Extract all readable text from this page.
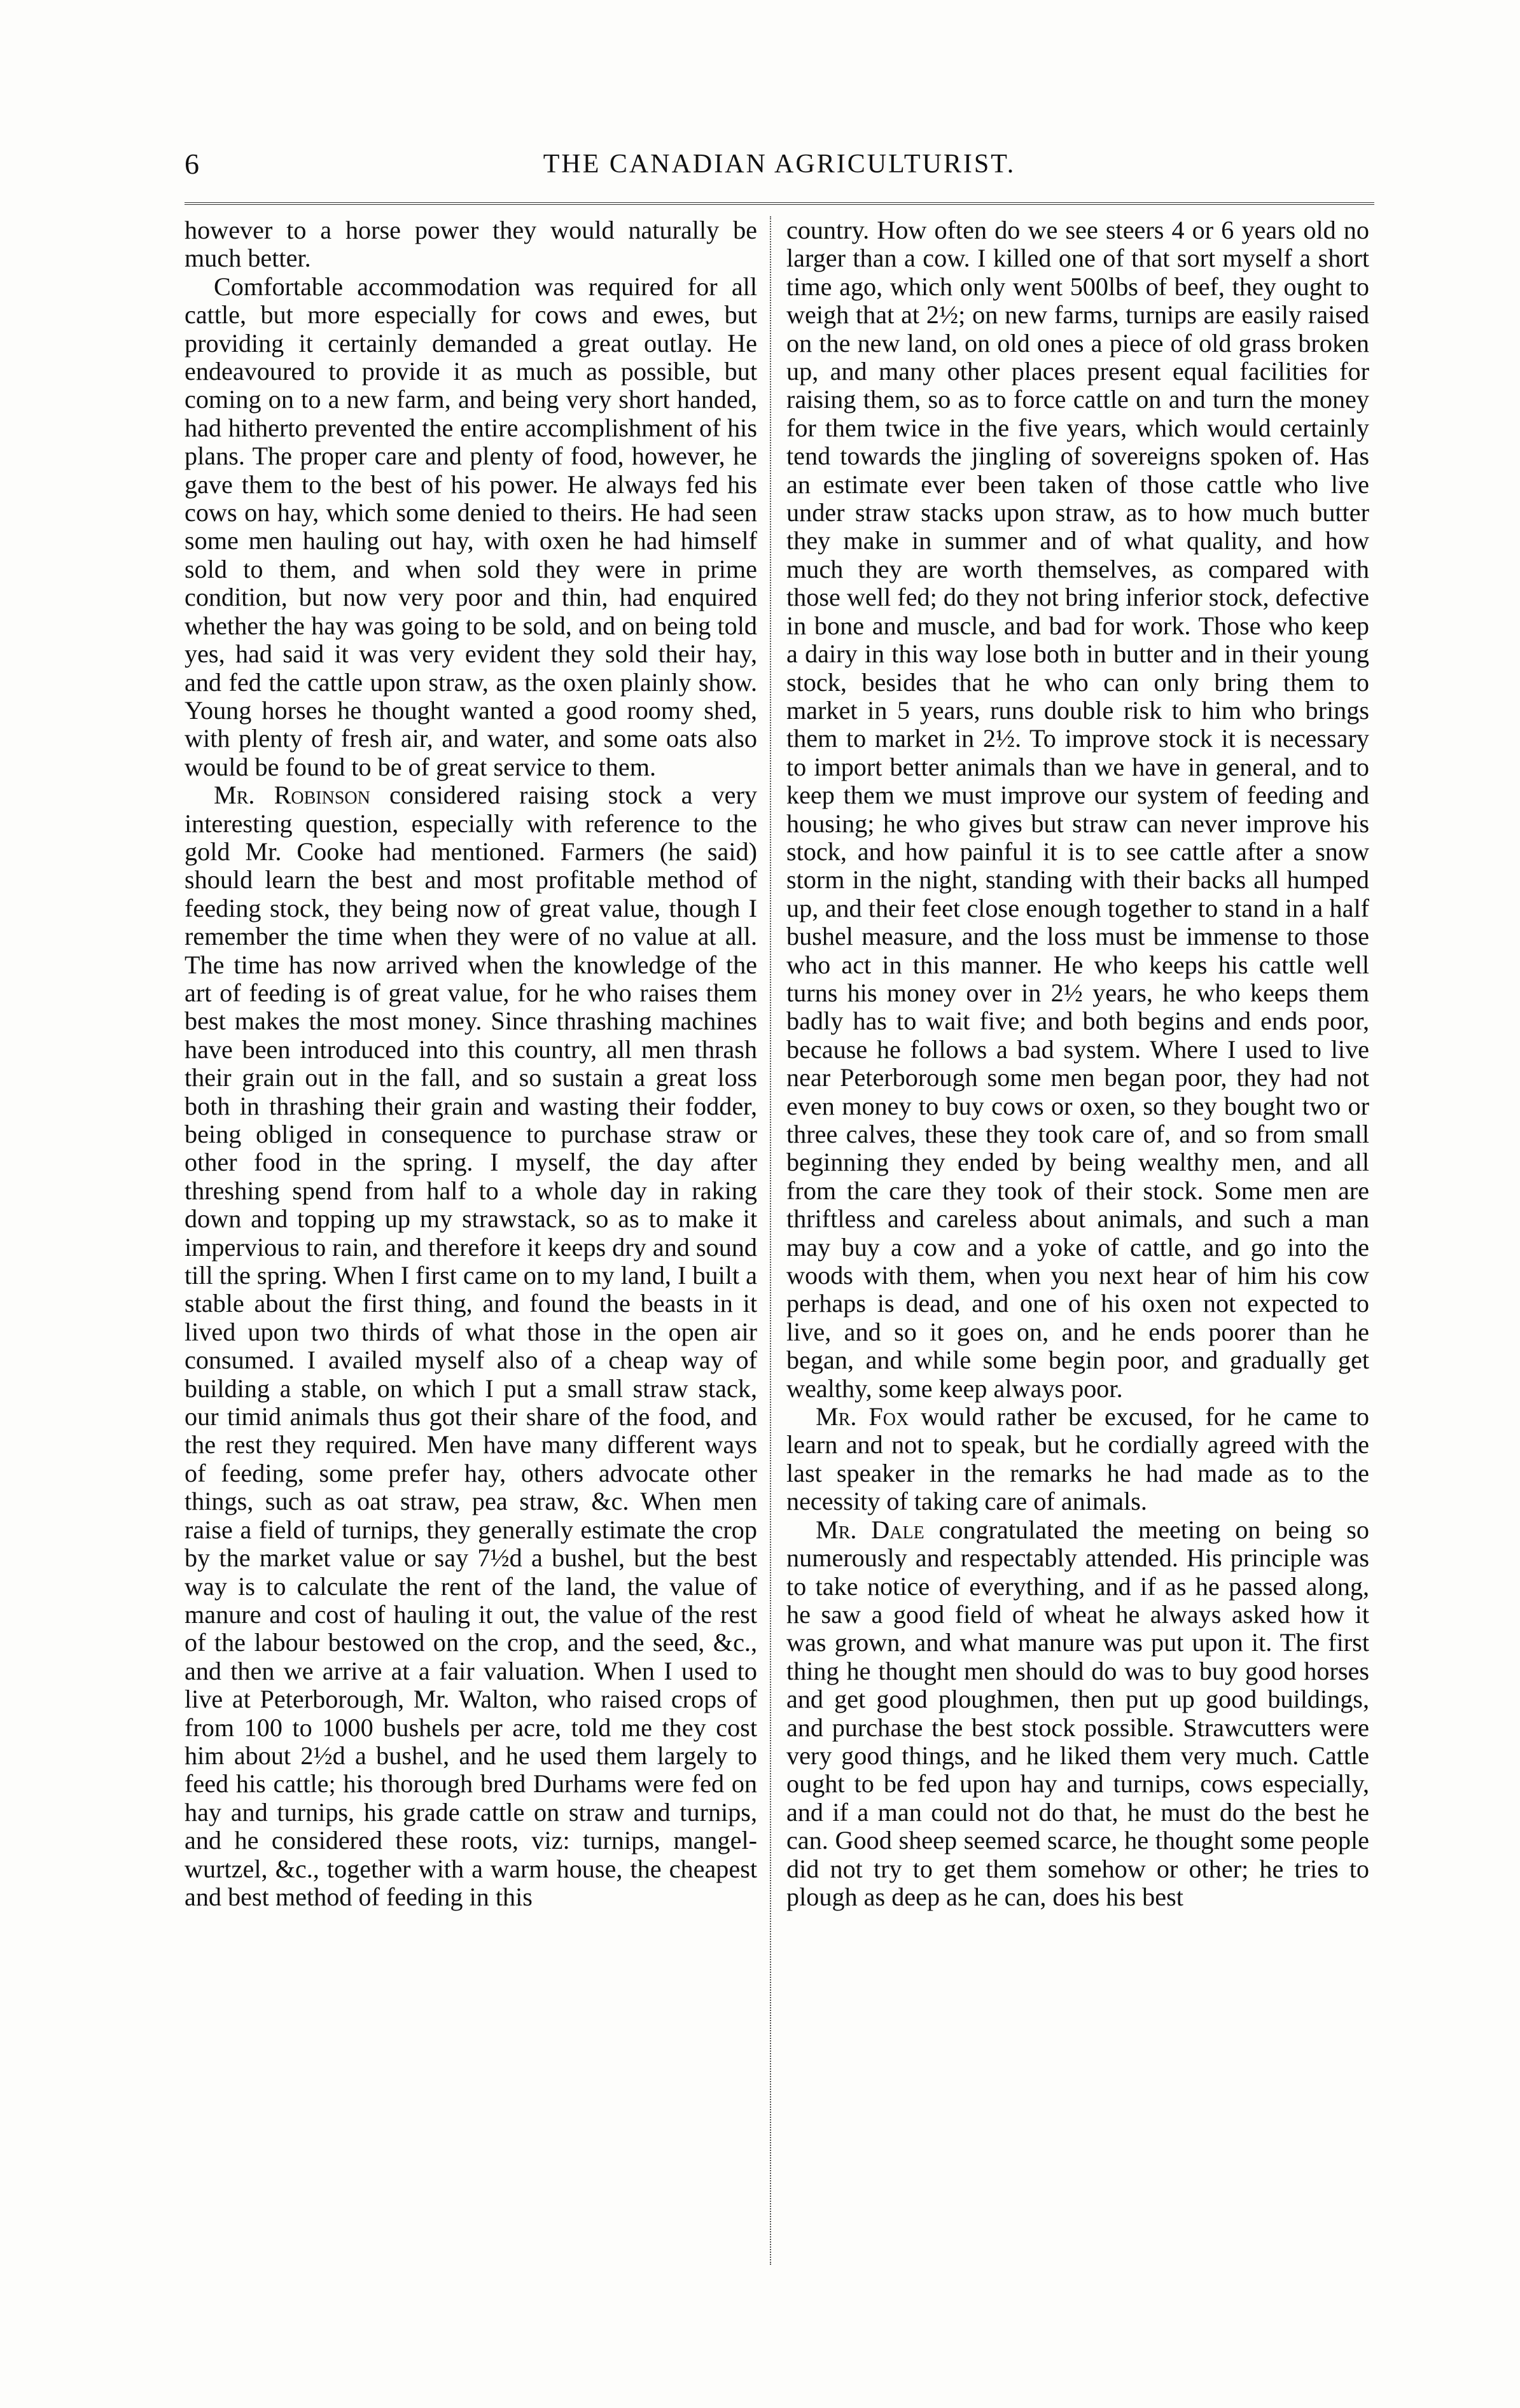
6	THE CANADIAN AGRICULTURIST.

however to a horse power they would naturally be much better.

Comfortable accommodation was required for all cattle, but more especially for cows and ewes, but providing it certainly demanded a great outlay. He endeavoured to provide it as much as possible, but coming on to a new farm, and being very short handed, had hitherto prevented the entire accomplishment of his plans. The proper care and plenty of food, however, he gave them to the best of his power. He always fed his cows on hay, which some denied to theirs. He had seen some men hauling out hay, with oxen he had himself sold to them, and when sold they were in prime condition, but now very poor and thin, had enquired whether the hay was going to be sold, and on being told yes, had said it was very evident they sold their hay, and fed the cattle upon straw, as the oxen plainly show. Young horses he thought wanted a good roomy shed, with plenty of fresh air, and water, and some oats also would be found to be of great service to them.

Mr. Robinson considered raising stock a very interesting question, especially with reference to the gold Mr. Cooke had mentioned. Farmers (he said) should learn the best and most profitable method of feeding stock, they being now of great value, though I remember the time when they were of no value at all. The time has now arrived when the knowledge of the art of feeding is of great value, for he who raises them best makes the most money. Since thrashing machines have been introduced into this country, all men thrash their grain out in the fall, and so sustain a great loss both in thrashing their grain and wasting their fodder, being obliged in consequence to purchase straw or other food in the spring. I myself, the day after threshing spend from half to a whole day in raking down and topping up my strawstack, so as to make it impervious to rain, and therefore it keeps dry and sound till the spring. When I first came on to my land, I built a stable about the first thing, and found the beasts in it lived upon two thirds of what those in the open air consumed. I availed myself also of a cheap way of building a stable, on which I put a small straw stack, our timid animals thus got their share of the food, and the rest they required. Men have many different ways of feeding, some prefer hay, others advocate other things, such as oat straw, pea straw, &c. When men raise a field of turnips, they generally estimate the crop by the market value or say 7½d a bushel, but the best way is to calculate the rent of the land, the value of manure and cost of hauling it out, the value of the rest of the labour bestowed on the crop, and the seed, &c., and then we arrive at a fair valuation. When I used to live at Peterborough, Mr. Walton, who raised crops of from 100 to 1000 bushels per acre, told me they cost him about 2½d a bushel, and he used them largely to feed his cattle; his thorough bred Durhams were fed on hay and turnips, his grade cattle on straw and turnips, and he considered these roots, viz: turnips, mangel-wurtzel, &c., together with a warm house, the cheapest and best method of feeding in this

country. How often do we see steers 4 or 6 years old no larger than a cow. I killed one of that sort myself a short time ago, which only went 500lbs of beef, they ought to weigh that at 2½; on new farms, turnips are easily raised on the new land, on old ones a piece of old grass broken up, and many other places present equal facilities for raising them, so as to force cattle on and turn the money for them twice in the five years, which would certainly tend towards the jingling of sovereigns spoken of. Has an estimate ever been taken of those cattle who live under straw stacks upon straw, as to how much butter they make in summer and of what quality, and how much they are worth themselves, as compared with those well fed; do they not bring inferior stock, defective in bone and muscle, and bad for work. Those who keep a dairy in this way lose both in butter and in their young stock, besides that he who can only bring them to market in 5 years, runs double risk to him who brings them to market in 2½. To improve stock it is necessary to import better animals than we have in general, and to keep them we must improve our system of feeding and housing; he who gives but straw can never improve his stock, and how painful it is to see cattle after a snow storm in the night, standing with their backs all humped up, and their feet close enough together to stand in a half bushel measure, and the loss must be immense to those who act in this manner. He who keeps his cattle well turns his money over in 2½ years, he who keeps them badly has to wait five; and both begins and ends poor, because he follows a bad system. Where I used to live near Peterborough some men began poor, they had not even money to buy cows or oxen, so they bought two or three calves, these they took care of, and so from small beginning they ended by being wealthy men, and all from the care they took of their stock. Some men are thriftless and careless about animals, and such a man may buy a cow and a yoke of cattle, and go into the woods with them, when you next hear of him his cow perhaps is dead, and one of his oxen not expected to live, and so it goes on, and he ends poorer than he began, and while some begin poor, and gradually get wealthy, some keep always poor.

Mr. Fox would rather be excused, for he came to learn and not to speak, but he cordially agreed with the last speaker in the remarks he had made as to the necessity of taking care of animals.

Mr. Dale congratulated the meeting on being so numerously and respectably attended. His principle was to take notice of everything, and if as he passed along, he saw a good field of wheat he always asked how it was grown, and what manure was put upon it. The first thing he thought men should do was to buy good horses and get good ploughmen, then put up good buildings, and purchase the best stock possible. Strawcutters were very good things, and he liked them very much. Cattle ought to be fed upon hay and turnips, cows especially, and if a man could not do that, he must do the best he can. Good sheep seemed scarce, he thought some people did not try to get them somehow or other; he tries to plough as deep as he can, does his best
